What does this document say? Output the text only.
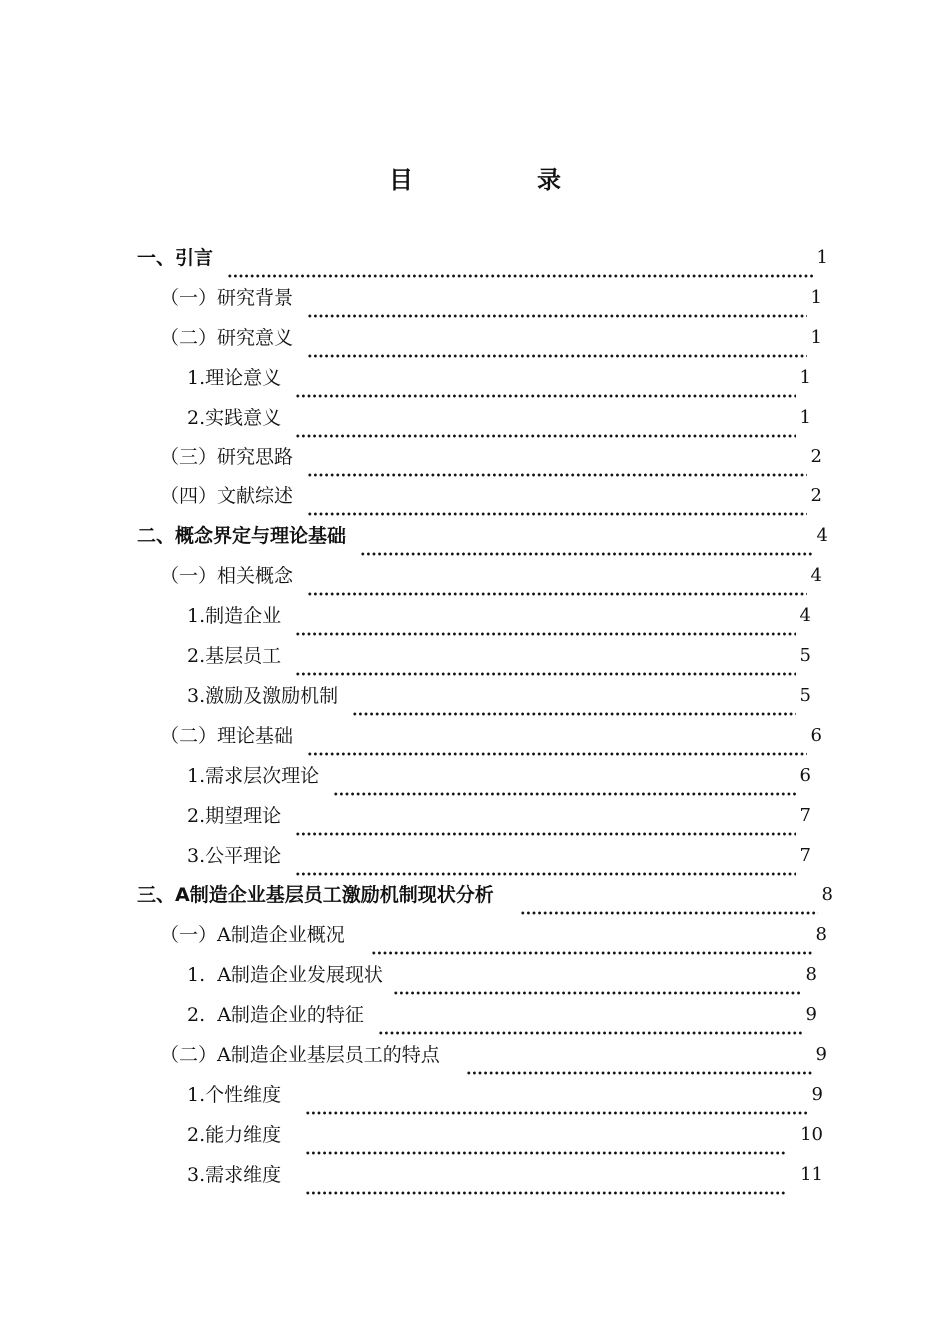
目　录
一、引言	1
（一）研究背景	1
（二）研究意义	1
1.理论意义	1
2.实践意义	1
（三）研究思路	2
（四）文献综述	2
二、概念界定与理论基础	4
（一）相关概念	4
1.制造企业	4
2.基层员工	5
3.激励及激励机制	5
（二）理论基础	6
1.需求层次理论	6
2.期望理论	7
3.公平理论	7
三、A制造企业基层员工激励机制现状分析	8
（一）A制造企业概况	8
1.  A制造企业发展现状	8
2.  A制造企业的特征	9
（二）A制造企业基层员工的特点	9
1.个性维度	9
2.能力维度	10
3.需求维度	11
